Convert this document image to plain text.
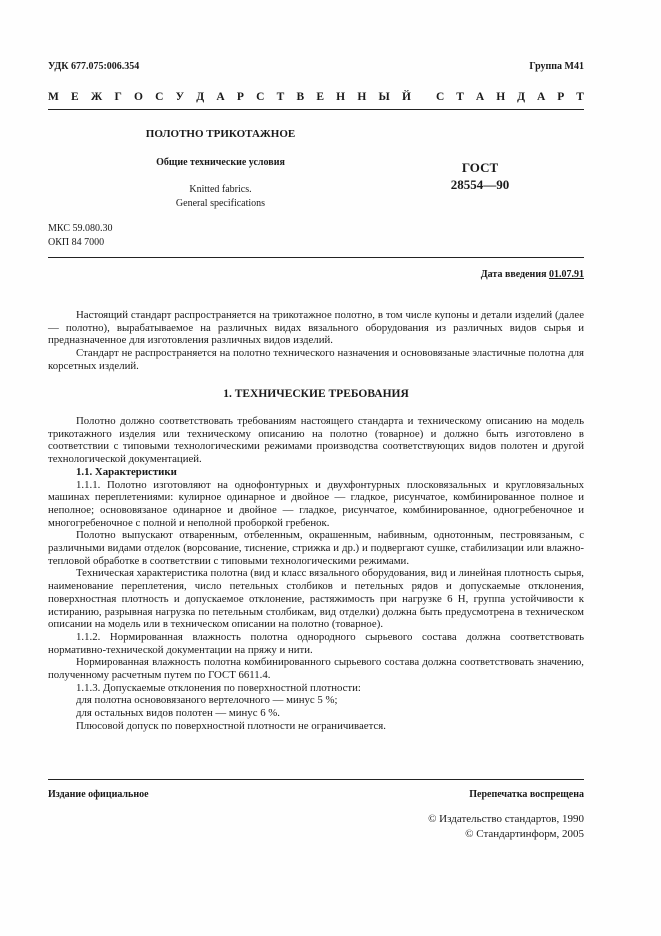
УДК 677.075:006.354	Группа М41
М Е Ж Г О С У Д А Р С Т В Е Н Н Ы Й С Т А Н Д А Р Т
ПОЛОТНО ТРИКОТАЖНОЕ
Общие технические условия
Knitted fabrics.
General specifications
ГОСТ
28554—90
МКС 59.080.30
ОКП 84 7000
Дата введения 01.07.91

Настоящий стандарт распространяется на трикотажное полотно, в том числе купоны и детали изделий (далее — полотно), вырабатываемое на различных видах вязального оборудования из различных видов сырья и предназначенное для изготовления различных видов изделий.

Стандарт не распространяется на полотно технического назначения и основовязаные эластичные полотна для корсетных изделий.

1. ТЕХНИЧЕСКИЕ ТРЕБОВАНИЯ

Полотно должно соответствовать требованиям настоящего стандарта и техническому описанию на модель трикотажного изделия или техническому описанию на полотно (товарное) и должно быть изготовлено в соответствии с типовыми технологическими режимами производства соответствующих видов полотен и другой технологической документацией.

1.1. Характеристики

1.1.1. Полотно изготовляют на однофонтурных и двухфонтурных плосковязальных и кругловязальных машинах переплетениями: кулирное одинарное и двойное — гладкое, рисунчатое, комбинированное полное и неполное; основовязаное одинарное и двойное — гладкое, рисунчатое, комбинированное, одногребеночное и многогребеночное с полной и неполной проборкой гребенок.

Полотно выпускают отваренным, отбеленным, окрашенным, набивным, однотонным, пестровязаным, с различными видами отделок (ворсование, тиснение, стрижка и др.) и подвергают сушке, стабилизации или влажно-тепловой обработке в соответствии с типовыми технологическими режимами.

Техническая характеристика полотна (вид и класс вязального оборудования, вид и линейная плотность сырья, наименование переплетения, число петельных столбиков и петельных рядов и допускаемые отклонения, поверхностная плотность и допускаемое отклонение, растяжимость при нагрузке 6 Н, группа устойчивости к истиранию, разрывная нагрузка по петельным столбикам, вид отделки) должна быть предусмотрена в техническом описании на модель или в техническом описании на полотно (товарное).

1.1.2. Нормированная влажность полотна однородного сырьевого состава должна соответствовать нормативно-технической документации на пряжу и нити.

Нормированная влажность полотна комбинированного сырьевого состава должна соответствовать значению, полученному расчетным путем по ГОСТ 6611.4.

1.1.3. Допускаемые отклонения по поверхностной плотности:

для полотна основовязаного вертелочного — минус 5 %;

для остальных видов полотен — минус 6 %.

Плюсовой допуск по поверхностной плотности не ограничивается.

Издание официальное	Перепечатка воспрещена
© Издательство стандартов, 1990
© Стандартинформ, 2005
